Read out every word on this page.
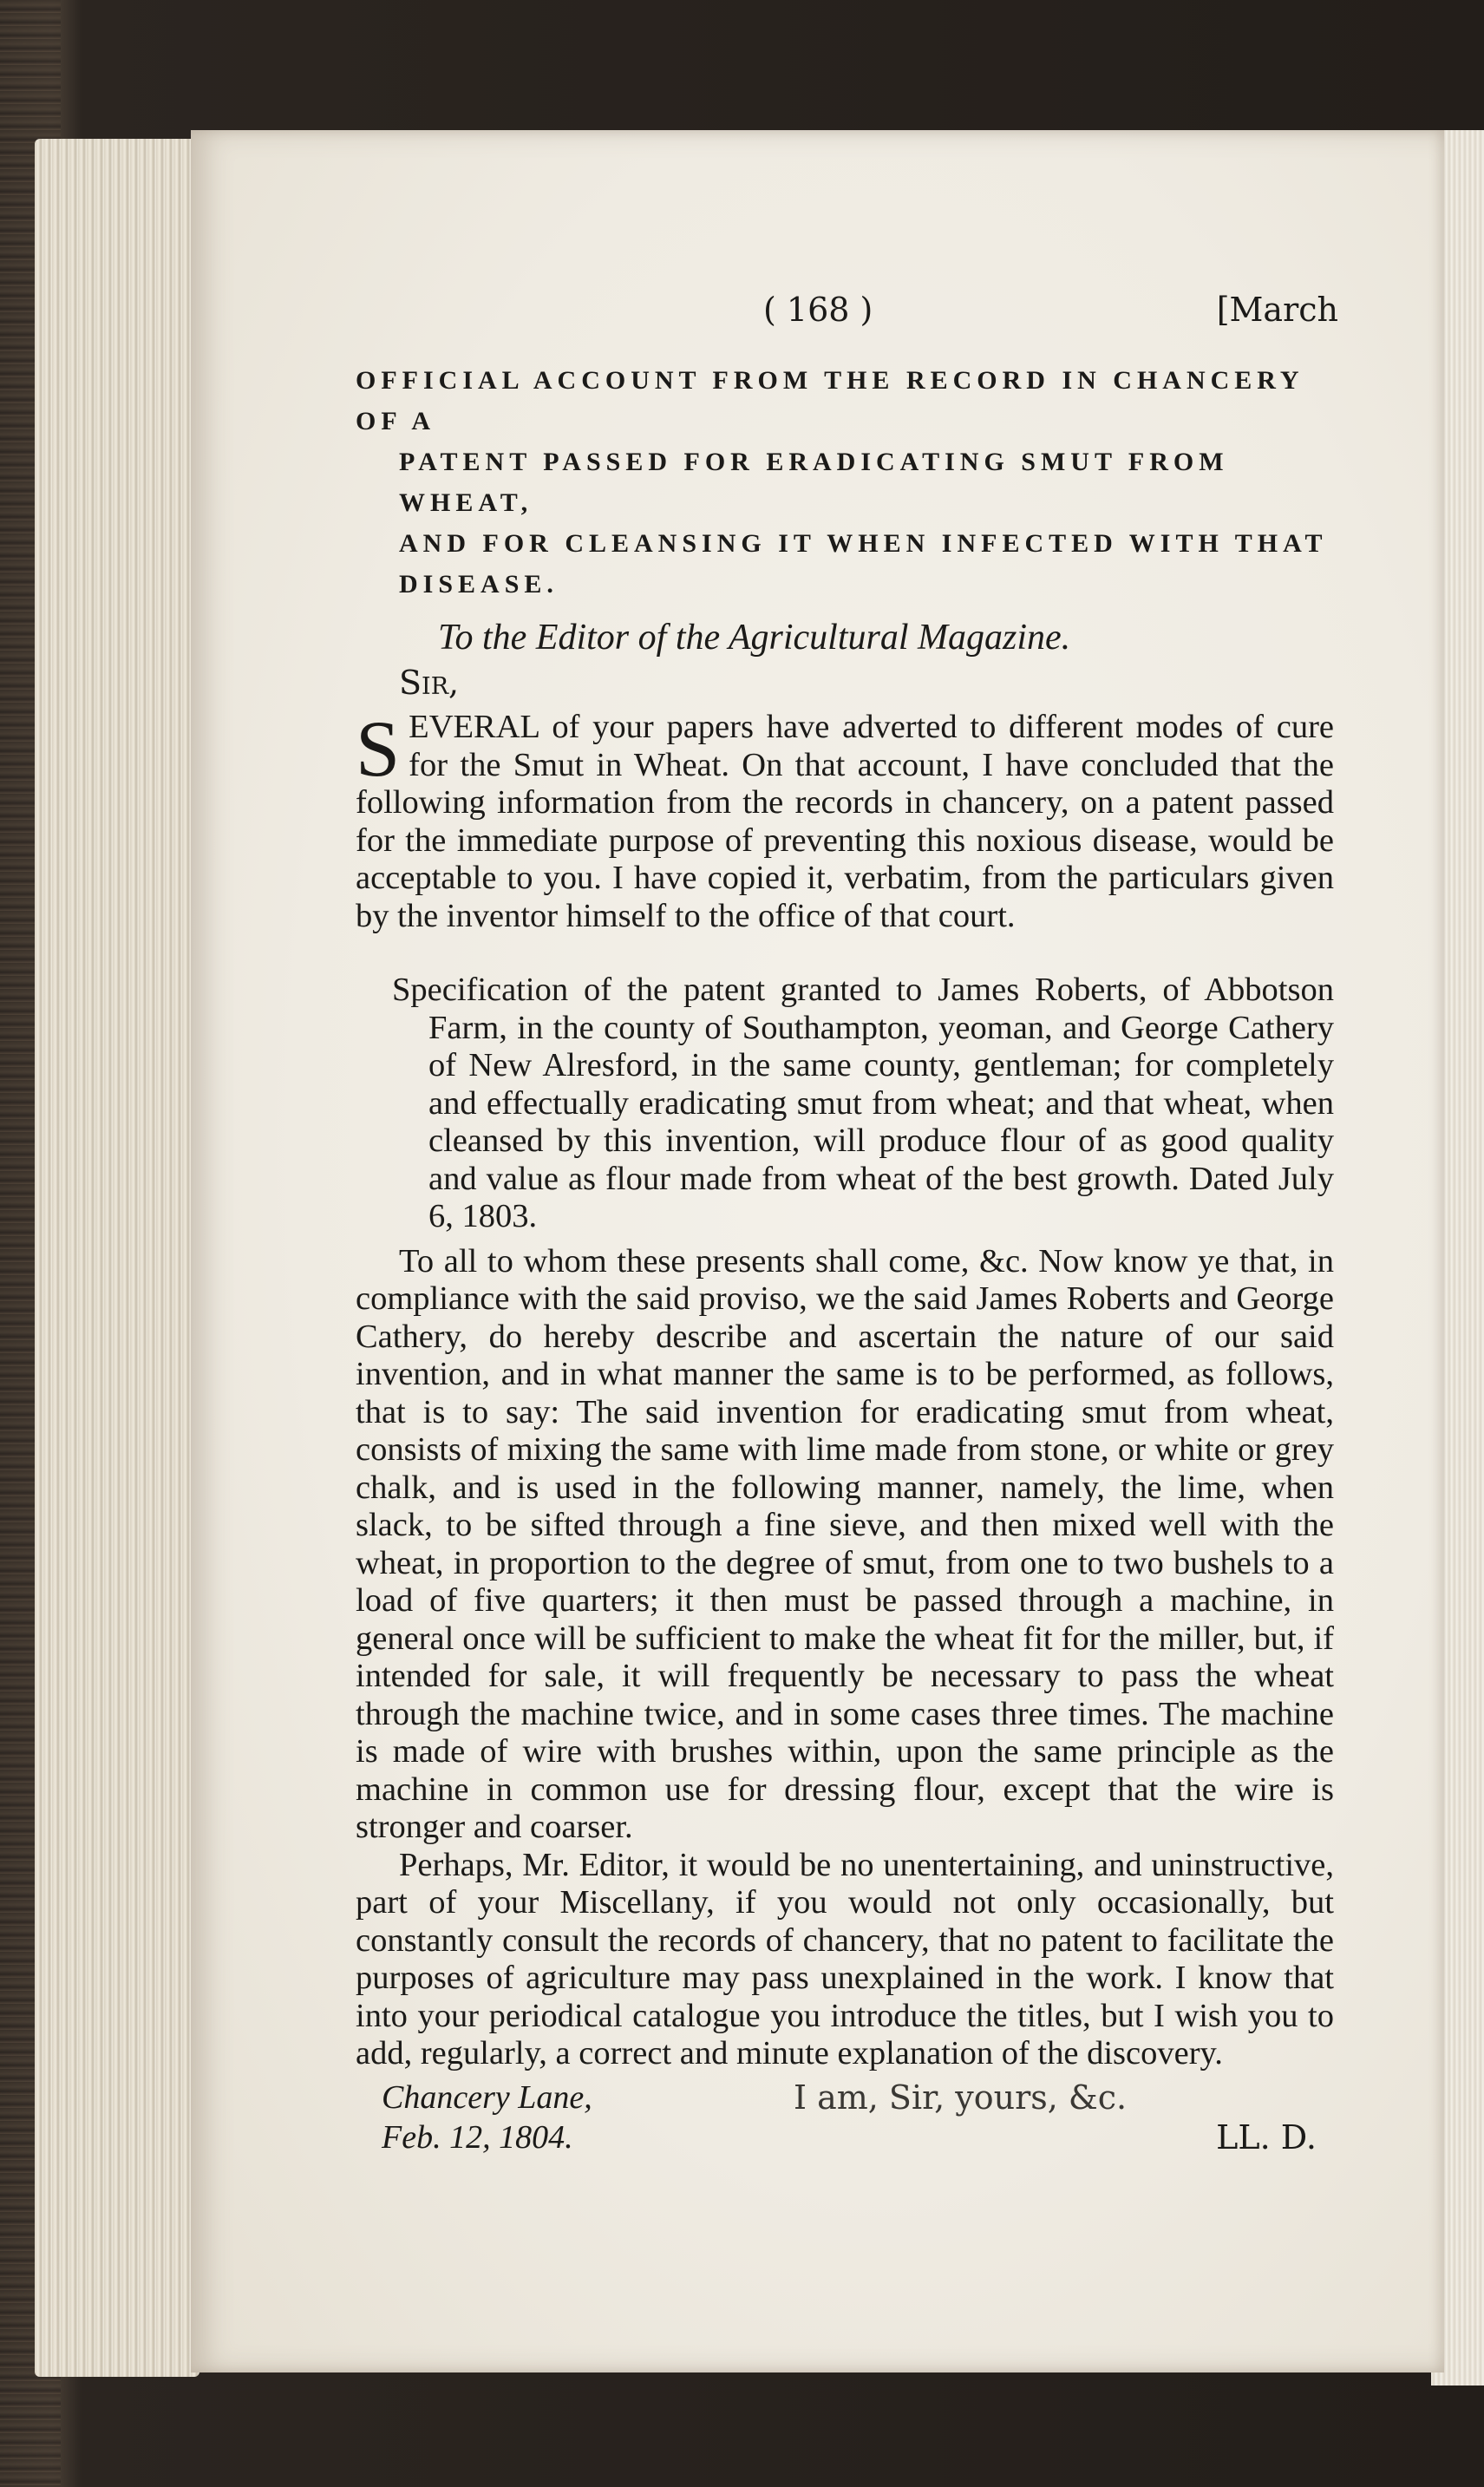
( 168 )	[March
OFFICIAL ACCOUNT FROM THE RECORD IN CHANCERY OF A
PATENT PASSED FOR ERADICATING SMUT FROM WHEAT,
AND FOR CLEANSING IT WHEN INFECTED WITH THAT
DISEASE.
To the Editor of the Agricultural Magazine.
Sir,

S EVERAL of your papers have adverted to different modes of cure for the Smut in Wheat. On that account, I have concluded that the following information from the records in chancery, on a patent passed for the immediate purpose of preventing this noxious disease, would be acceptable to you. I have copied it, verbatim, from the particulars given by the inventor himself to the office of that court.

Specification of the patent granted to James Roberts, of Abbotson Farm, in the county of Southampton, yeoman, and George Cathery of New Alresford, in the same county, gentleman; for completely and effectually eradicating smut from wheat; and that wheat, when cleansed by this invention, will produce flour of as good quality and value as flour made from wheat of the best growth. Dated July 6, 1803.

To all to whom these presents shall come, &c. Now know ye that, in compliance with the said proviso, we the said James Roberts and George Cathery, do hereby describe and ascertain the nature of our said invention, and in what manner the same is to be performed, as follows, that is to say: The said invention for eradicating smut from wheat, consists of mixing the same with lime made from stone, or white or grey chalk, and is used in the following manner, namely, the lime, when slack, to be sifted through a fine sieve, and then mixed well with the wheat, in proportion to the degree of smut, from one to two bushels to a load of five quarters; it then must be passed through a machine, in general once will be sufficient to make the wheat fit for the miller, but, if intended for sale, it will frequently be necessary to pass the wheat through the machine twice, and in some cases three times. The machine is made of wire with brushes within, upon the same principle as the machine in common use for dressing flour, except that the wire is stronger and coarser.

Perhaps, Mr. Editor, it would be no unentertaining, and uninstructive, part of your Miscellany, if you would not only occasionally, but constantly consult the records of chancery, that no patent to facilitate the purposes of agriculture may pass unexplained in the work. I know that into your periodical catalogue you introduce the titles, but I wish you to add, regularly, a correct and minute explanation of the discovery.

Chancery Lane,	I am, Sir, yours, &c.
Feb. 12, 1804.	LL. D.
